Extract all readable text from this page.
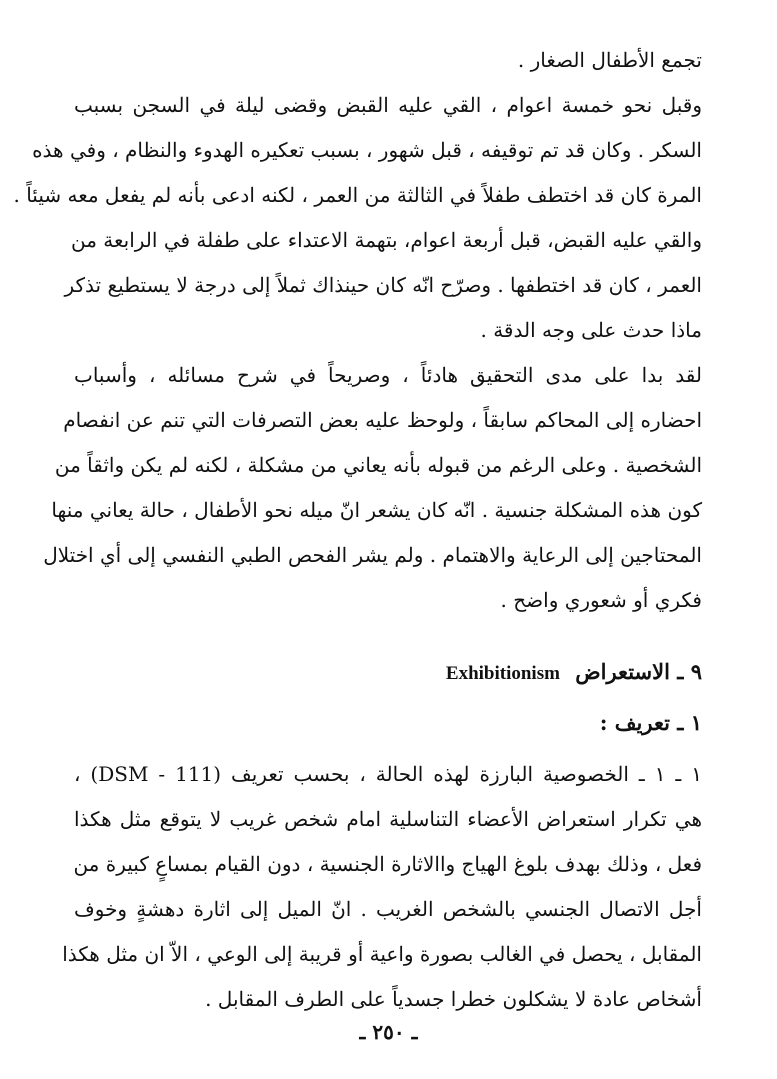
تجمع الأطفال الصغار .
وقبل نحو خمسة اعوام ، القي عليه القبض وقضى ليلة في السجن بسبب
السكر . وكان قد تم توقيفه ، قبل شهور ، بسبب تعكيره الهدوء والنظام ، وفي هذه
المرة كان قد اختطف طفلاً في الثالثة من العمر ، لكنه ادعى بأنه لم يفعل معه شيئاً .
والقي عليه القبض، قبل أربعة اعوام، بتهمة الاعتداء على طفلة في الرابعة من
العمر ، كان قد اختطفها . وصرّح انّه كان حينذاك ثملاً إلى درجة لا يستطيع تذكر
ماذا حدث على وجه الدقة .
لقد بدا على مدى التحقيق هادئاً ، وصريحاً في شرح مسائله ، وأسباب
احضاره إلى المحاكم سابقاً ، ولوحظ عليه بعض التصرفات التي تنم عن انفصام
الشخصية . وعلى الرغم من قبوله بأنه يعاني من مشكلة ، لكنه لم يكن واثقاً من
كون هذه المشكلة جنسية . انّه كان يشعر انّ ميله نحو الأطفال ، حالة يعاني منها
المحتاجين إلى الرعاية والاهتمام . ولم يشر الفحص الطبي النفسي إلى أي اختلال
فكري أو شعوري واضح .
٩ ـ الاستعراض Exhibitionism
١ ـ تعريف :
١ ـ ١ ـ الخصوصية البارزة لهذه الحالة ، بحسب تعريف (DSM - 111) ،
هي تكرار استعراض الأعضاء التناسلية امام شخص غريب لا يتوقع مثل هكذا
فعل ، وذلك بهدف بلوغ الهياج واالاثارة الجنسية ، دون القيام بمساعٍ كبيرة من
أجل الاتصال الجنسي بالشخص الغريب . انّ الميل إلى اثارة دهشةٍ وخوف
المقابل ، يحصل في الغالب بصورة واعية أو قريبة إلى الوعي ، الاّ ان مثل هكذا
أشخاص عادة لا يشكلون خطرا جسدياً على الطرف المقابل .
ـ ٢٥٠ ـ
